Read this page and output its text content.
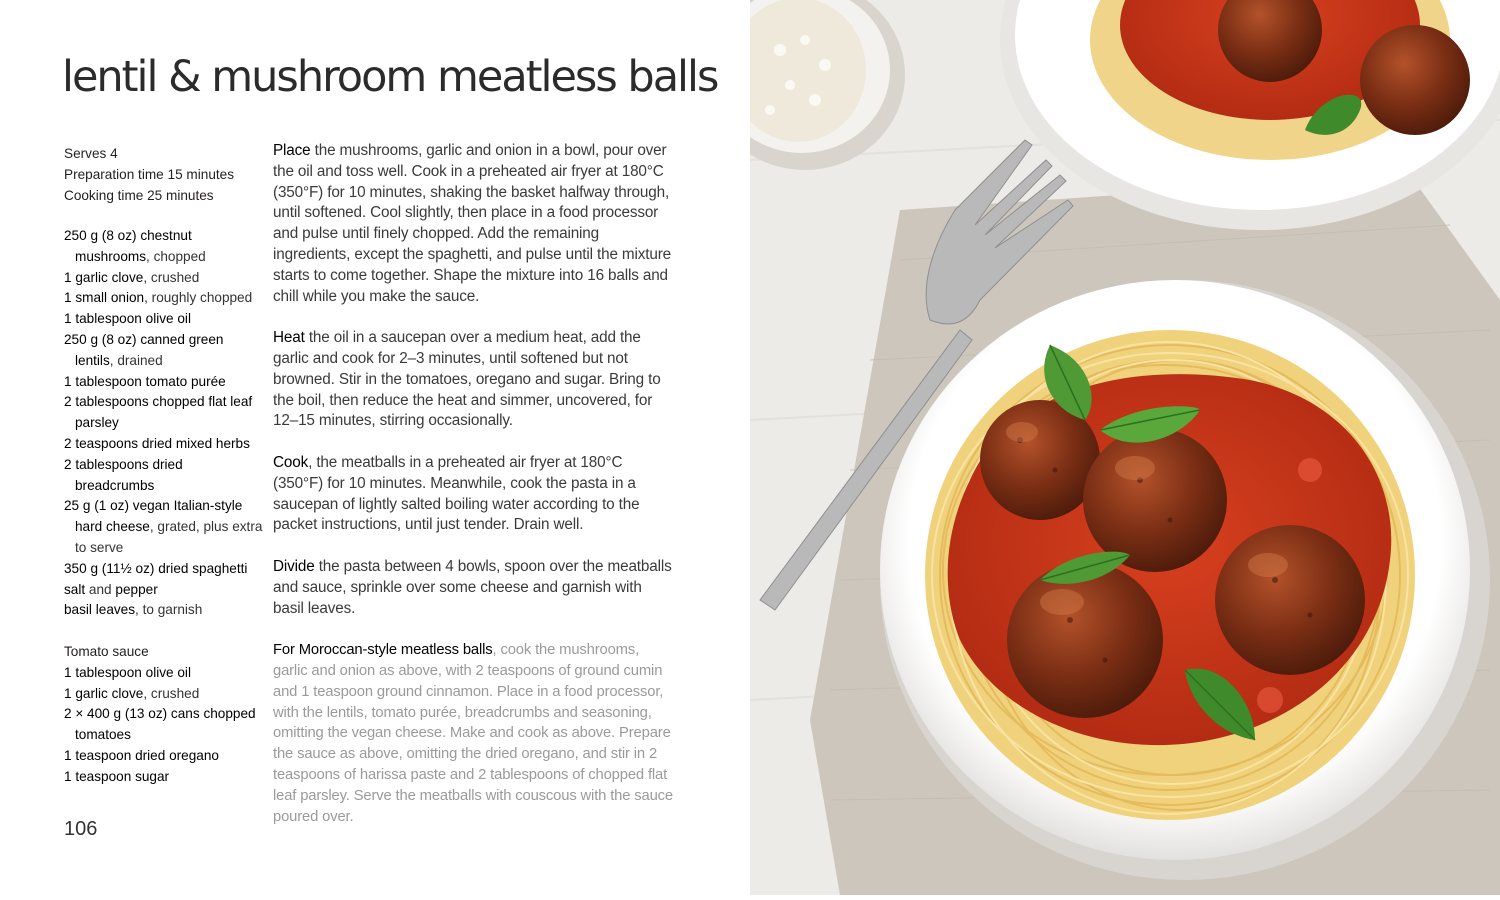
lentil & mushroom meatless balls
Serves 4
Preparation time 15 minutes
Cooking time 25 minutes
250 g (8 oz) chestnut mushrooms, chopped
1 garlic clove, crushed
1 small onion, roughly chopped
1 tablespoon olive oil
250 g (8 oz) canned green lentils, drained
1 tablespoon tomato purée
2 tablespoons chopped flat leaf parsley
2 teaspoons dried mixed herbs
2 tablespoons dried breadcrumbs
25 g (1 oz) vegan Italian-style hard cheese, grated, plus extra to serve
350 g (11½ oz) dried spaghetti
salt and pepper
basil leaves, to garnish
Tomato sauce
1 tablespoon olive oil
1 garlic clove, crushed
2 × 400 g (13 oz) cans chopped tomatoes
1 teaspoon dried oregano
1 teaspoon sugar

Place the mushrooms, garlic and onion in a bowl, pour over the oil and toss well. Cook in a preheated air fryer at 180°C (350°F) for 10 minutes, shaking the basket halfway through, until softened. Cool slightly, then place in a food processor and pulse until finely chopped. Add the remaining ingredients, except the spaghetti, and pulse until the mixture starts to come together. Shape the mixture into 16 balls and chill while you make the sauce.

Heat the oil in a saucepan over a medium heat, add the garlic and cook for 2–3 minutes, until softened but not browned. Stir in the tomatoes, oregano and sugar. Bring to the boil, then reduce the heat and simmer, uncovered, for 12–15 minutes, stirring occasionally.

Cook, the meatballs in a preheated air fryer at 180°C (350°F) for 10 minutes. Meanwhile, cook the pasta in a saucepan of lightly salted boiling water according to the packet instructions, until just tender. Drain well.

Divide the pasta between 4 bowls, spoon over the meatballs and sauce, sprinkle over some cheese and garnish with basil leaves.

For Moroccan-style meatless balls, cook the mushrooms, garlic and onion as above, with 2 teaspoons of ground cumin and 1 teaspoon ground cinnamon. Place in a food processor, with the lentils, tomato purée, breadcrumbs and seasoning, omitting the vegan cheese. Make and cook as above. Prepare the sauce as above, omitting the dried oregano, and stir in 2 teaspoons of harissa paste and 2 tablespoons of chopped flat leaf parsley. Serve the meatballs with couscous with the sauce poured over.

106
